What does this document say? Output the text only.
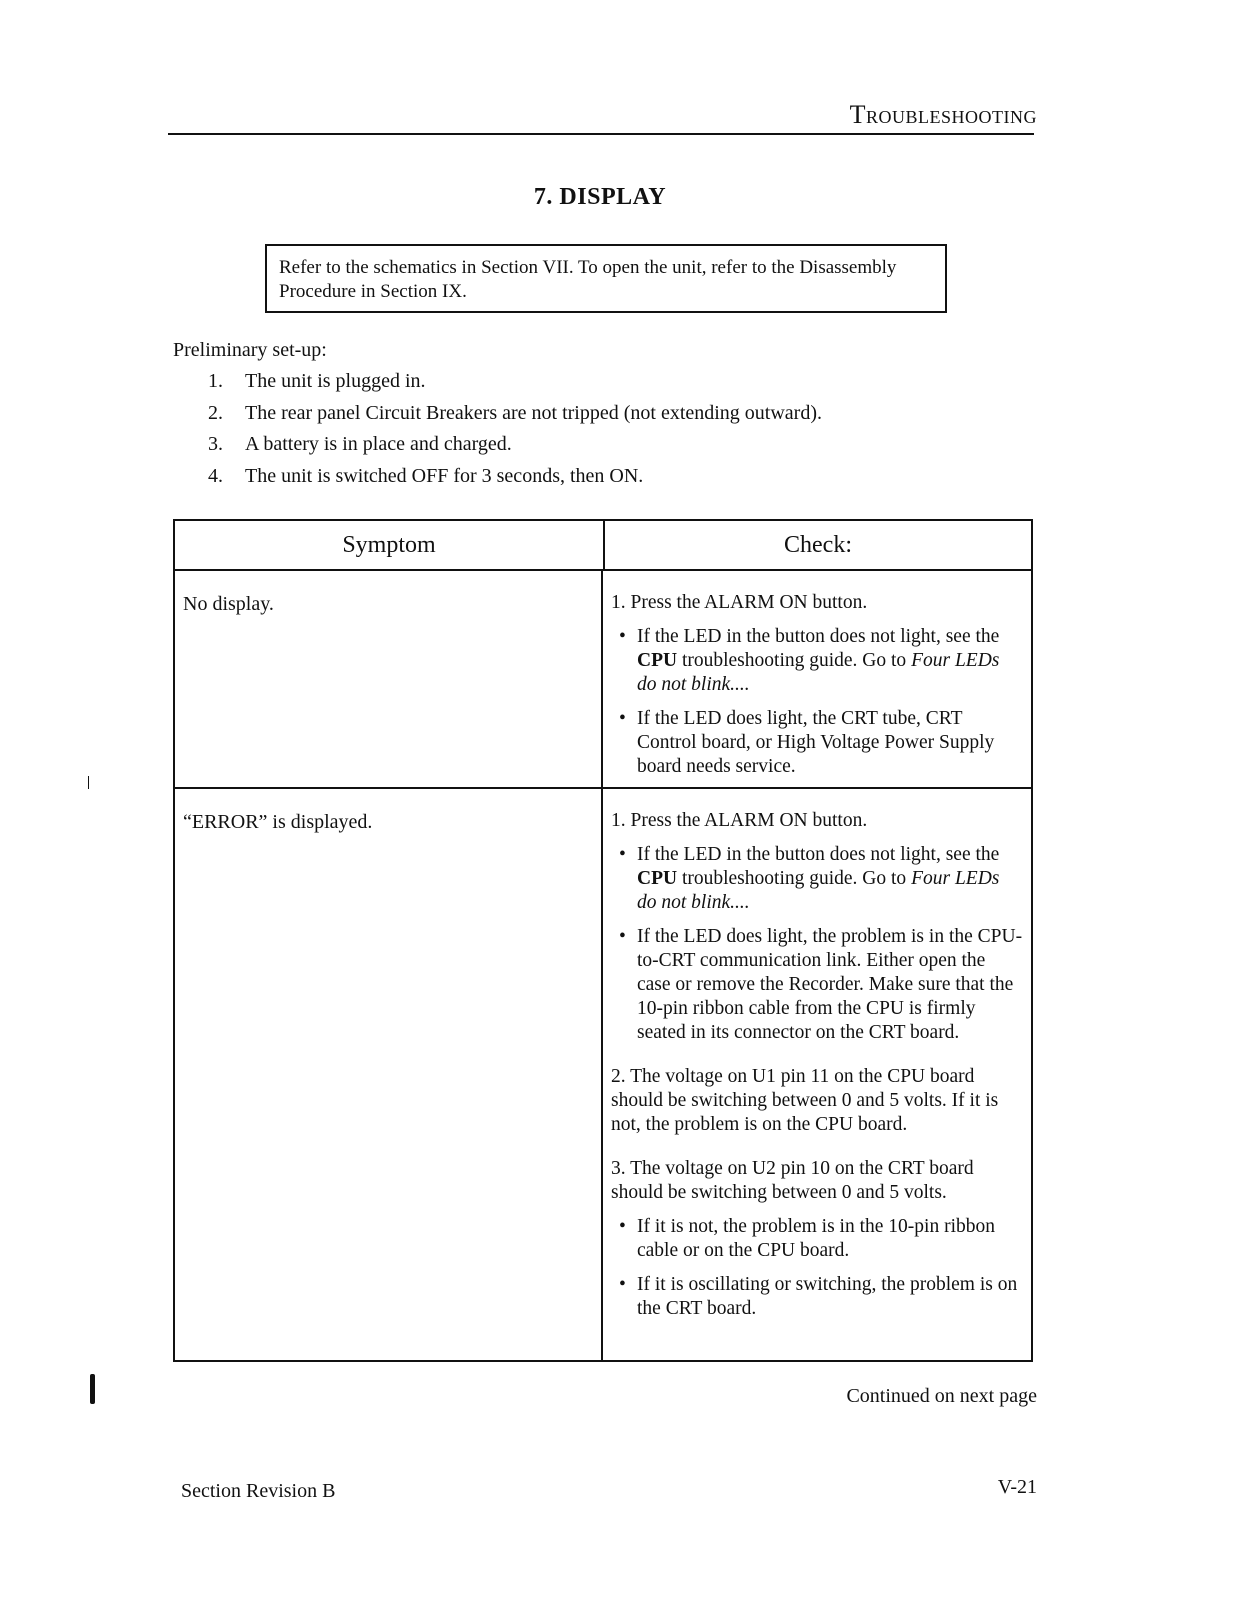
Troubleshooting
7. DISPLAY
Refer to the schematics in Section VII. To open the unit, refer to the Disassembly Procedure in Section IX.
Preliminary set-up:
1.	The unit is plugged in.
2.	The rear panel Circuit Breakers are not tripped (not extending outward).
3.	A battery is in place and charged.
4.	The unit is switched OFF for 3 seconds, then ON.
Symptom	Check:
No display.	1. Press the ALARM ON button.
• If the LED in the button does not light, see the CPU troubleshooting guide. Go to Four LEDs do not blink....
• If the LED does light, the CRT tube, CRT Control board, or High Voltage Power Supply board needs service.
“ERROR” is displayed.	1. Press the ALARM ON button.
• If the LED in the button does not light, see the CPU troubleshooting guide. Go to Four LEDs do not blink....
• If the LED does light, the problem is in the CPU-to-CRT communication link. Either open the case or remove the Recorder. Make sure that the 10-pin ribbon cable from the CPU is firmly seated in its connector on the CRT board.
2. The voltage on U1 pin 11 on the CPU board should be switching between 0 and 5 volts. If it is not, the problem is on the CPU board.
3. The voltage on U2 pin 10 on the CRT board should be switching between 0 and 5 volts.
• If it is not, the problem is in the 10-pin ribbon cable or on the CPU board.
• If it is oscillating or switching, the problem is on the CRT board.
Continued on next page
Section Revision B	V-21
